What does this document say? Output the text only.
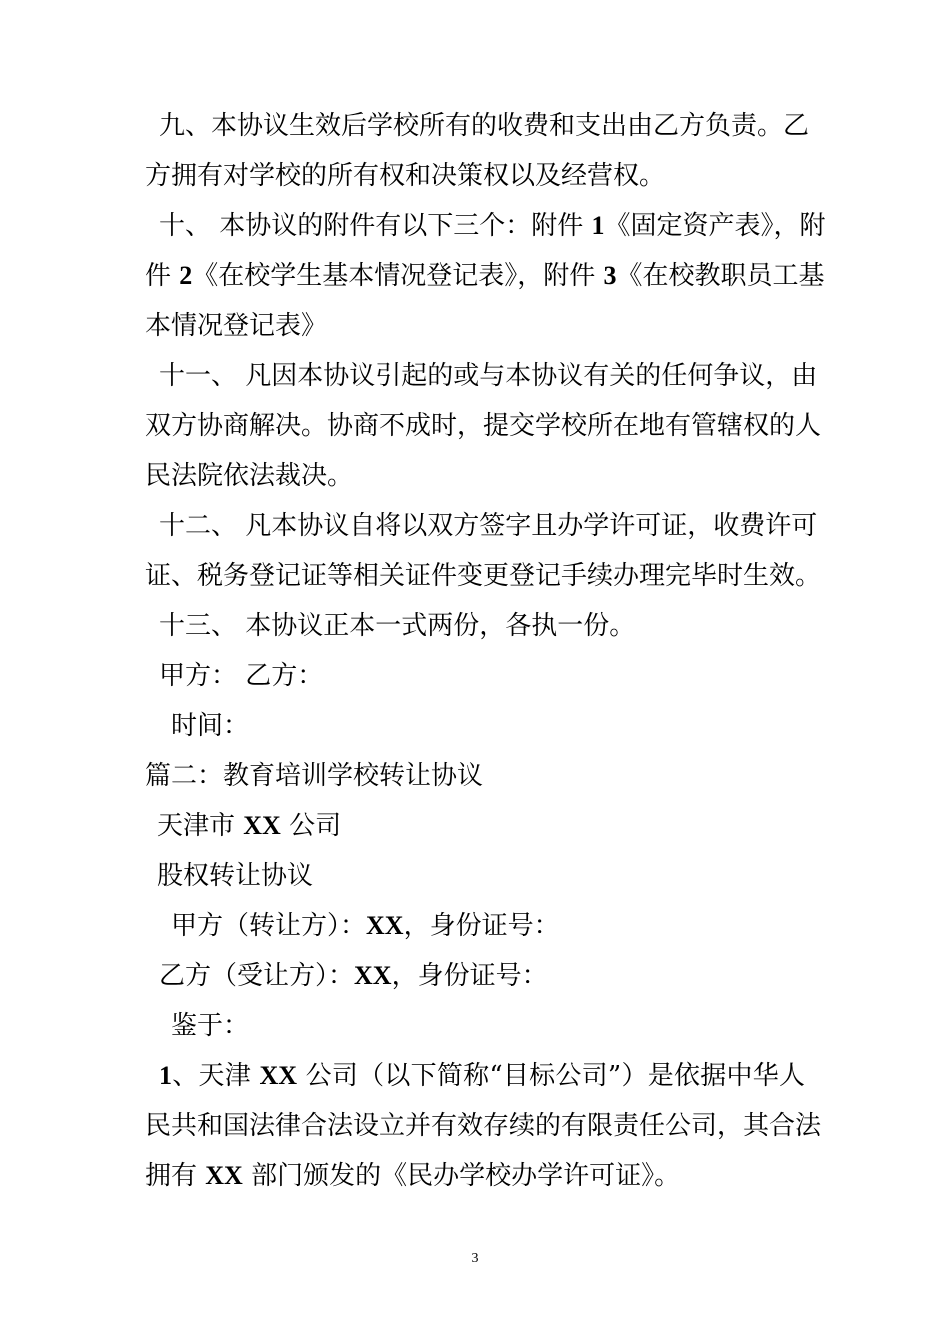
九、本协议生效后学校所有的收费和支出由乙方负责。乙
方拥有对学校的所有权和决策权以及经营权。
十、 本协议的附件有以下三个：附件 1《固定资产表》，附
件 2《在校学生基本情况登记表》，附件 3《在校教职员工基
本情况登记表》
十一、 凡因本协议引起的或与本协议有关的任何争议，由
双方协商解决。协商不成时，提交学校所在地有管辖权的人
民法院依法裁决。
十二、 凡本协议自将以双方签字且办学许可证，收费许可
证、税务登记证等相关证件变更登记手续办理完毕时生效。
十三、 本协议正本一式两份，各执一份。
甲方： 乙方：
时间：
篇二：教育培训学校转让协议
天津市 XX 公司
股权转让协议
甲方（转让方）：XX，身份证号：
乙方（受让方）：XX，身份证号：
鉴于：
1、天津 XX 公司（以下简称“目标公司”）是依据中华人
民共和国法律合法设立并有效存续的有限责任公司，其合法
拥有 XX 部门颁发的《民办学校办学许可证》。
3
